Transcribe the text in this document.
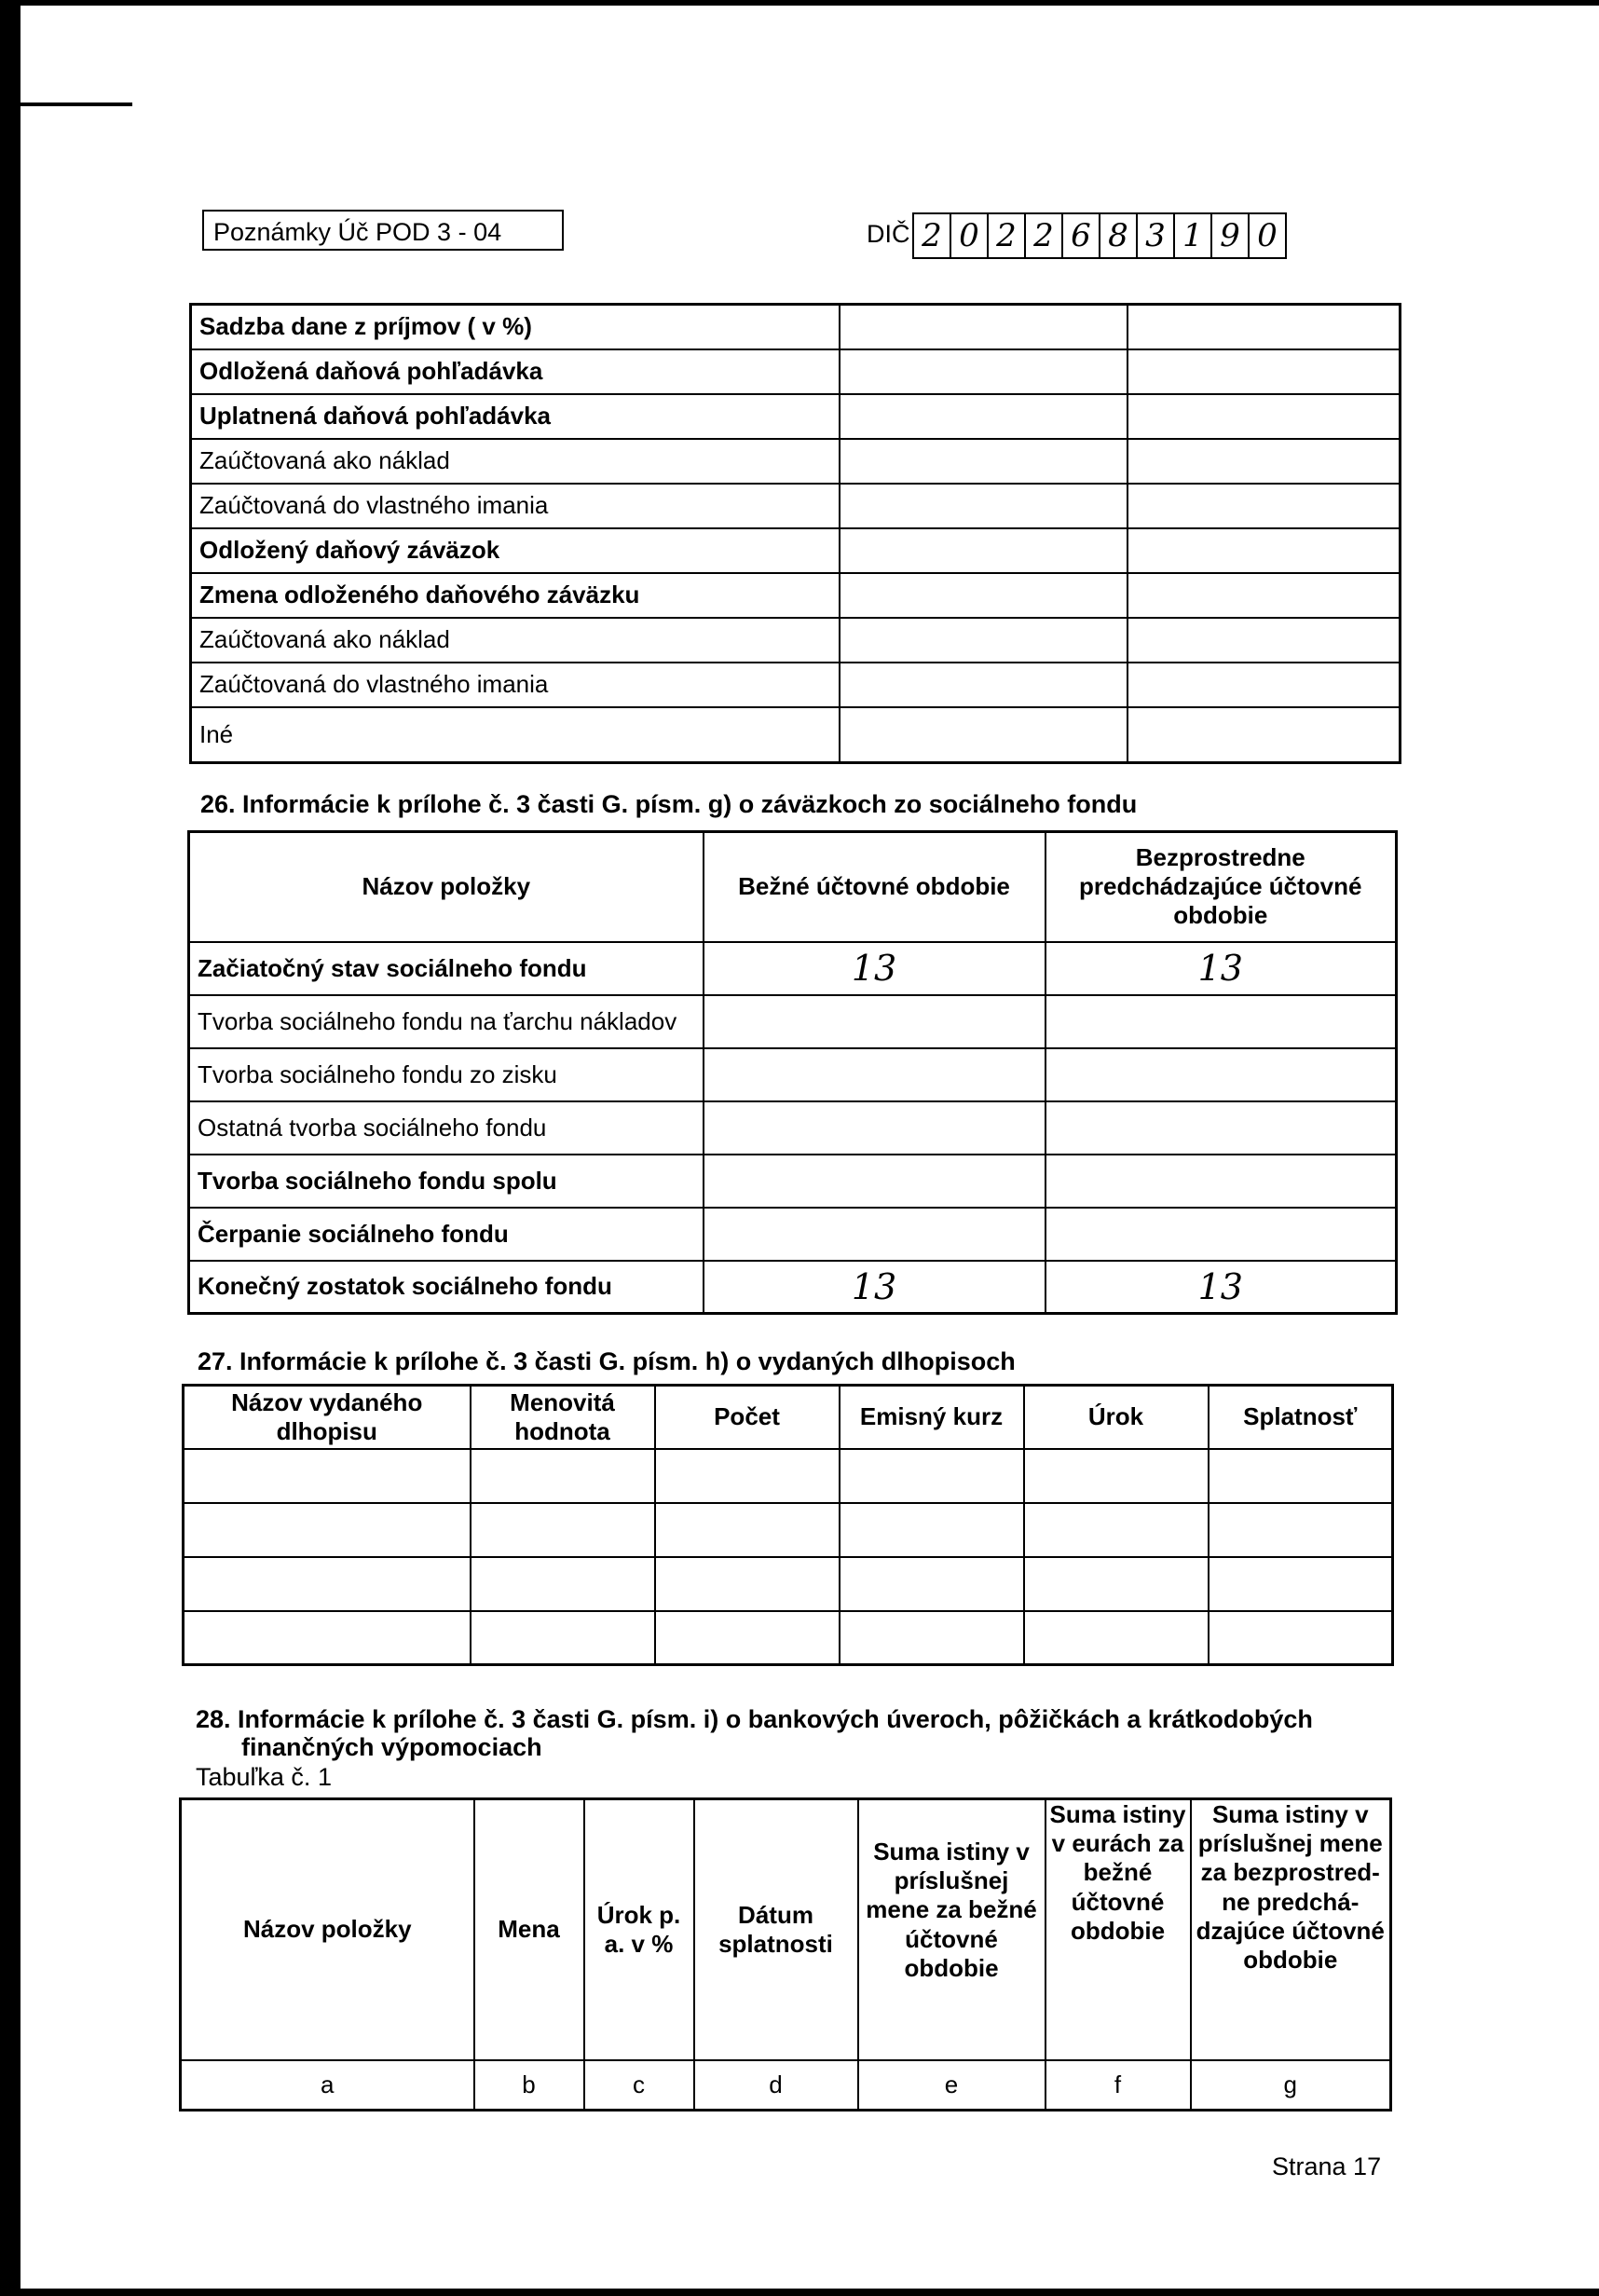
Poznámky Úč POD 3 - 04	DIČ 2 0 2 2 6 8 3 1 9 0
Sadzba dane z príjmov ( v %)		
Odložená daňová pohľadávka		
Uplatnená daňová pohľadávka		
Zaúčtovaná ako náklad		
Zaúčtovaná do vlastného imania		
Odložený daňový záväzok		
Zmena odloženého daňového záväzku		
Zaúčtovaná ako náklad		
Zaúčtovaná do vlastného imania		
Iné		
26. Informácie k prílohe č. 3 časti G. písm. g) o záväzkoch zo sociálneho fondu
Názov položky	Bežné účtovné obdobie	Bezprostredne predchádzajúce účtovné obdobie
Začiatočný stav sociálneho fondu	13	13
Tvorba sociálneho fondu na ťarchu nákladov		
Tvorba sociálneho fondu zo zisku		
Ostatná tvorba sociálneho fondu		
Tvorba sociálneho fondu spolu		
Čerpanie sociálneho fondu		
Konečný zostatok sociálneho fondu	13	13
27. Informácie k prílohe č. 3 časti G. písm. h) o vydaných dlhopisoch
Názov vydaného dlhopisu	Menovitá hodnota	Počet	Emisný kurz	Úrok	Splatnosť

28. Informácie k prílohe č. 3 časti G. písm. i) o bankových úveroch, pôžičkách a krátkodobých
finančných výpomociach
Tabuľka č. 1
Názov položky	Mena	Úrok p. a. v %	Dátum splatnosti	Suma istiny v príslušnej mene za bežné účtovné obdobie	Suma istiny v eurách za bežné účtovné obdobie	Suma istiny v príslušnej mene za bezprostred-ne predchá-dzajúce účtovné obdobie
a	b	c	d	e	f	g
Strana 17
